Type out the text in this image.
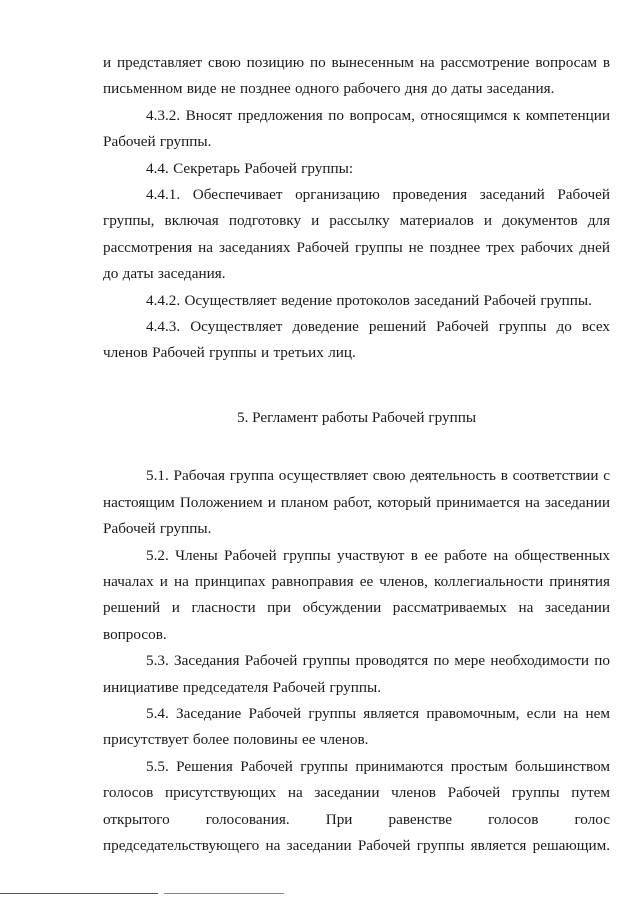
и представляет свою позицию по вынесенным на рассмотрение вопросам в письменном виде не позднее одного рабочего дня до даты заседания.

4.3.2. Вносят предложения по вопросам, относящимся к компетенции Рабочей группы.

4.4. Секретарь Рабочей группы:

4.4.1. Обеспечивает организацию проведения заседаний Рабочей группы, включая подготовку и рассылку материалов и документов для рассмотрения на заседаниях Рабочей группы не позднее трех рабочих дней до даты заседания.

4.4.2. Осуществляет ведение протоколов заседаний Рабочей группы.

4.4.3. Осуществляет доведение решений Рабочей группы до всех членов Рабочей группы и третьих лиц.

5. Регламент работы Рабочей группы

5.1. Рабочая группа осуществляет свою деятельность в соответствии с настоящим Положением и планом работ, который принимается на заседании Рабочей группы.

5.2. Члены Рабочей группы участвуют в ее работе на общественных началах и на принципах равноправия ее членов, коллегиальности принятия решений и гласности при обсуждении рассматриваемых на заседании вопросов.

5.3. Заседания Рабочей группы проводятся по мере необходимости по инициативе председателя Рабочей группы.

5.4. Заседание Рабочей группы является правомочным, если на нем присутствует более половины ее членов.

5.5. Решения Рабочей группы принимаются простым большинством голосов присутствующих на заседании членов Рабочей группы путем открытого голосования. При равенстве голосов голос председательствующего на заседании Рабочей группы является решающим.
